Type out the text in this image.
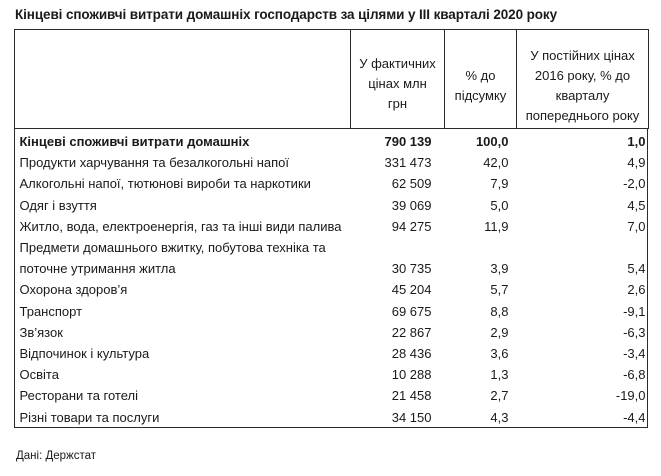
Кінцеві споживчі витрати домашніх господарств за цілями у III кварталі 2020 року
	У фактичних цінах млн грн	% до підсумку	У постійних цінах 2016 року, % до кварталу попереднього року
Кінцеві споживчі витрати домашніх	790 139	100,0	1,0
Продукти харчування та безалкогольні напої	331 473	42,0	4,9
Алкогольні напої, тютюнові вироби та наркотики	62 509	7,9	-2,0
Одяг і взуття	39 069	5,0	4,5
Житло, вода, електроенергія, газ та інші види палива	94 275	11,9	7,0
Предмети домашнього вжитку, побутова техніка та поточне утримання житла	30 735	3,9	5,4
Охорона здоров’я	45 204	5,7	2,6
Транспорт	69 675	8,8	-9,1
Зв’язок	22 867	2,9	-6,3
Відпочинок і культура	28 436	3,6	-3,4
Освіта	10 288	1,3	-6,8
Ресторани та готелі	21 458	2,7	-19,0
Різні товари та послуги	34 150	4,3	-4,4
Дані: Держстат
